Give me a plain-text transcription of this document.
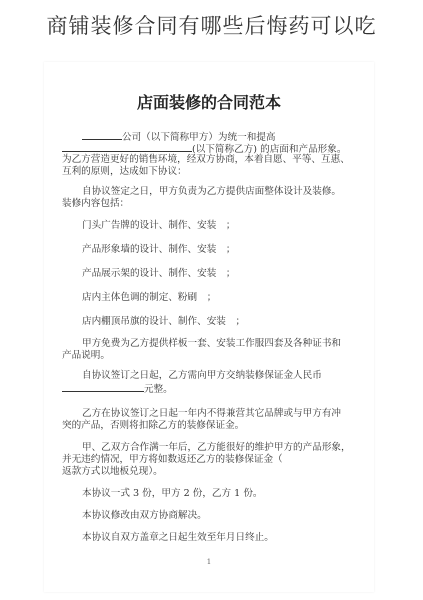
商铺装修合同有哪些后悔药可以吃
店面装修的合同范本
公司（以下简称甲方）为统一和提高
(以下简称乙方) 的店面和产品形象。
为乙方营造更好的销售环境，经双方协商，本着自愿、平等、互惠、
互利的原则，达成如下协议：
自协议签定之日，甲方负责为乙方提供店面整体设计及装修。
装修内容包括：
门头广告牌的设计、制作、安装　；
产品形象墙的设计、制作、安装　；
产品展示架的设计、制作、安装　；
店内主体色调的制定、粉刷　；
店内棚顶吊旗的设计、制作、安装　；
甲方免费为乙方提供样板一套、安装工作服四套及各种证书和
产品说明。
自协议签订之日起，乙方需向甲方交纳装修保证金人民币
元整。
乙方在协议签订之日起一年内不得兼营其它品牌或与甲方有冲
突的产品，否则将扣除乙方的装修保证金。
甲、乙双方合作满一年后，乙方能很好的维护甲方的产品形象，
并无违约情况，甲方将如数返还乙方的装修保证金（
返款方式以地板兑现）。
本协议一式 3 份，甲方 2 份，乙方 1 份。
本协议修改由双方协商解决。
本协议自双方盖章之日起生效至年月日终止。
1
